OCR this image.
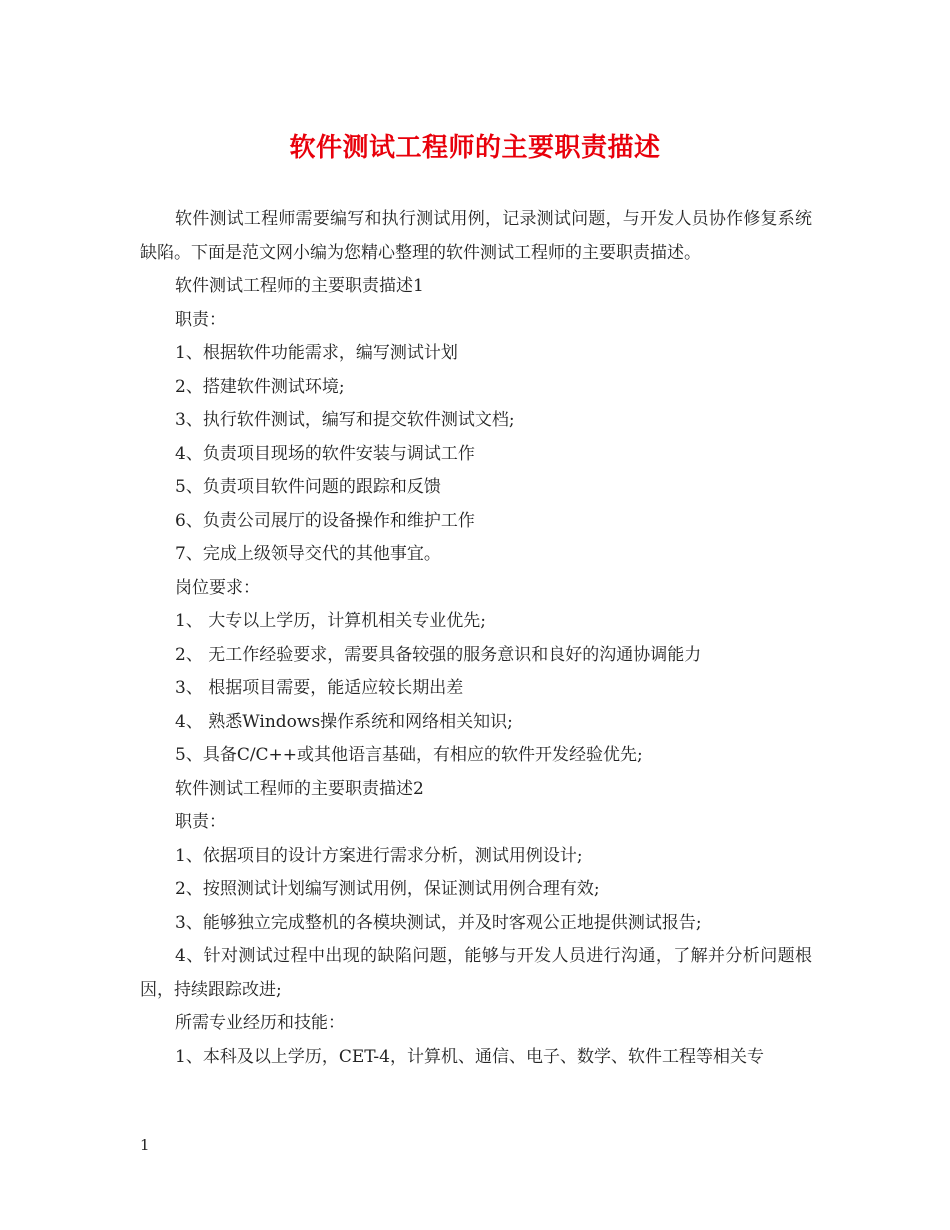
软件测试工程师的主要职责描述

软件测试工程师需要编写和执行测试用例，记录测试问题，与开发人员协作修复系统缺陷。下面是范文网小编为您精心整理的软件测试工程师的主要职责描述。

软件测试工程师的主要职责描述1

职责：

1、根据软件功能需求，编写测试计划

2、搭建软件测试环境;

3、执行软件测试，编写和提交软件测试文档;

4、负责项目现场的软件安装与调试工作

5、负责项目软件问题的跟踪和反馈

6、负责公司展厅的设备操作和维护工作

7、完成上级领导交代的其他事宜。

岗位要求：

1、 大专以上学历，计算机相关专业优先;

2、 无工作经验要求，需要具备较强的服务意识和良好的沟通协调能力

3、 根据项目需要，能适应较长期出差

4、 熟悉Windows操作系统和网络相关知识;

5、具备C/C++或其他语言基础，有相应的软件开发经验优先;

软件测试工程师的主要职责描述2

职责：

1、依据项目的设计方案进行需求分析，测试用例设计;

2、按照测试计划编写测试用例，保证测试用例合理有效;

3、能够独立完成整机的各模块测试，并及时客观公正地提供测试报告;

4、针对测试过程中出现的缺陷问题，能够与开发人员进行沟通，了解并分析问题根因，持续跟踪改进;

所需专业经历和技能：

1、本科及以上学历，CET-4，计算机、通信、电子、数学、软件工程等相关专

1
